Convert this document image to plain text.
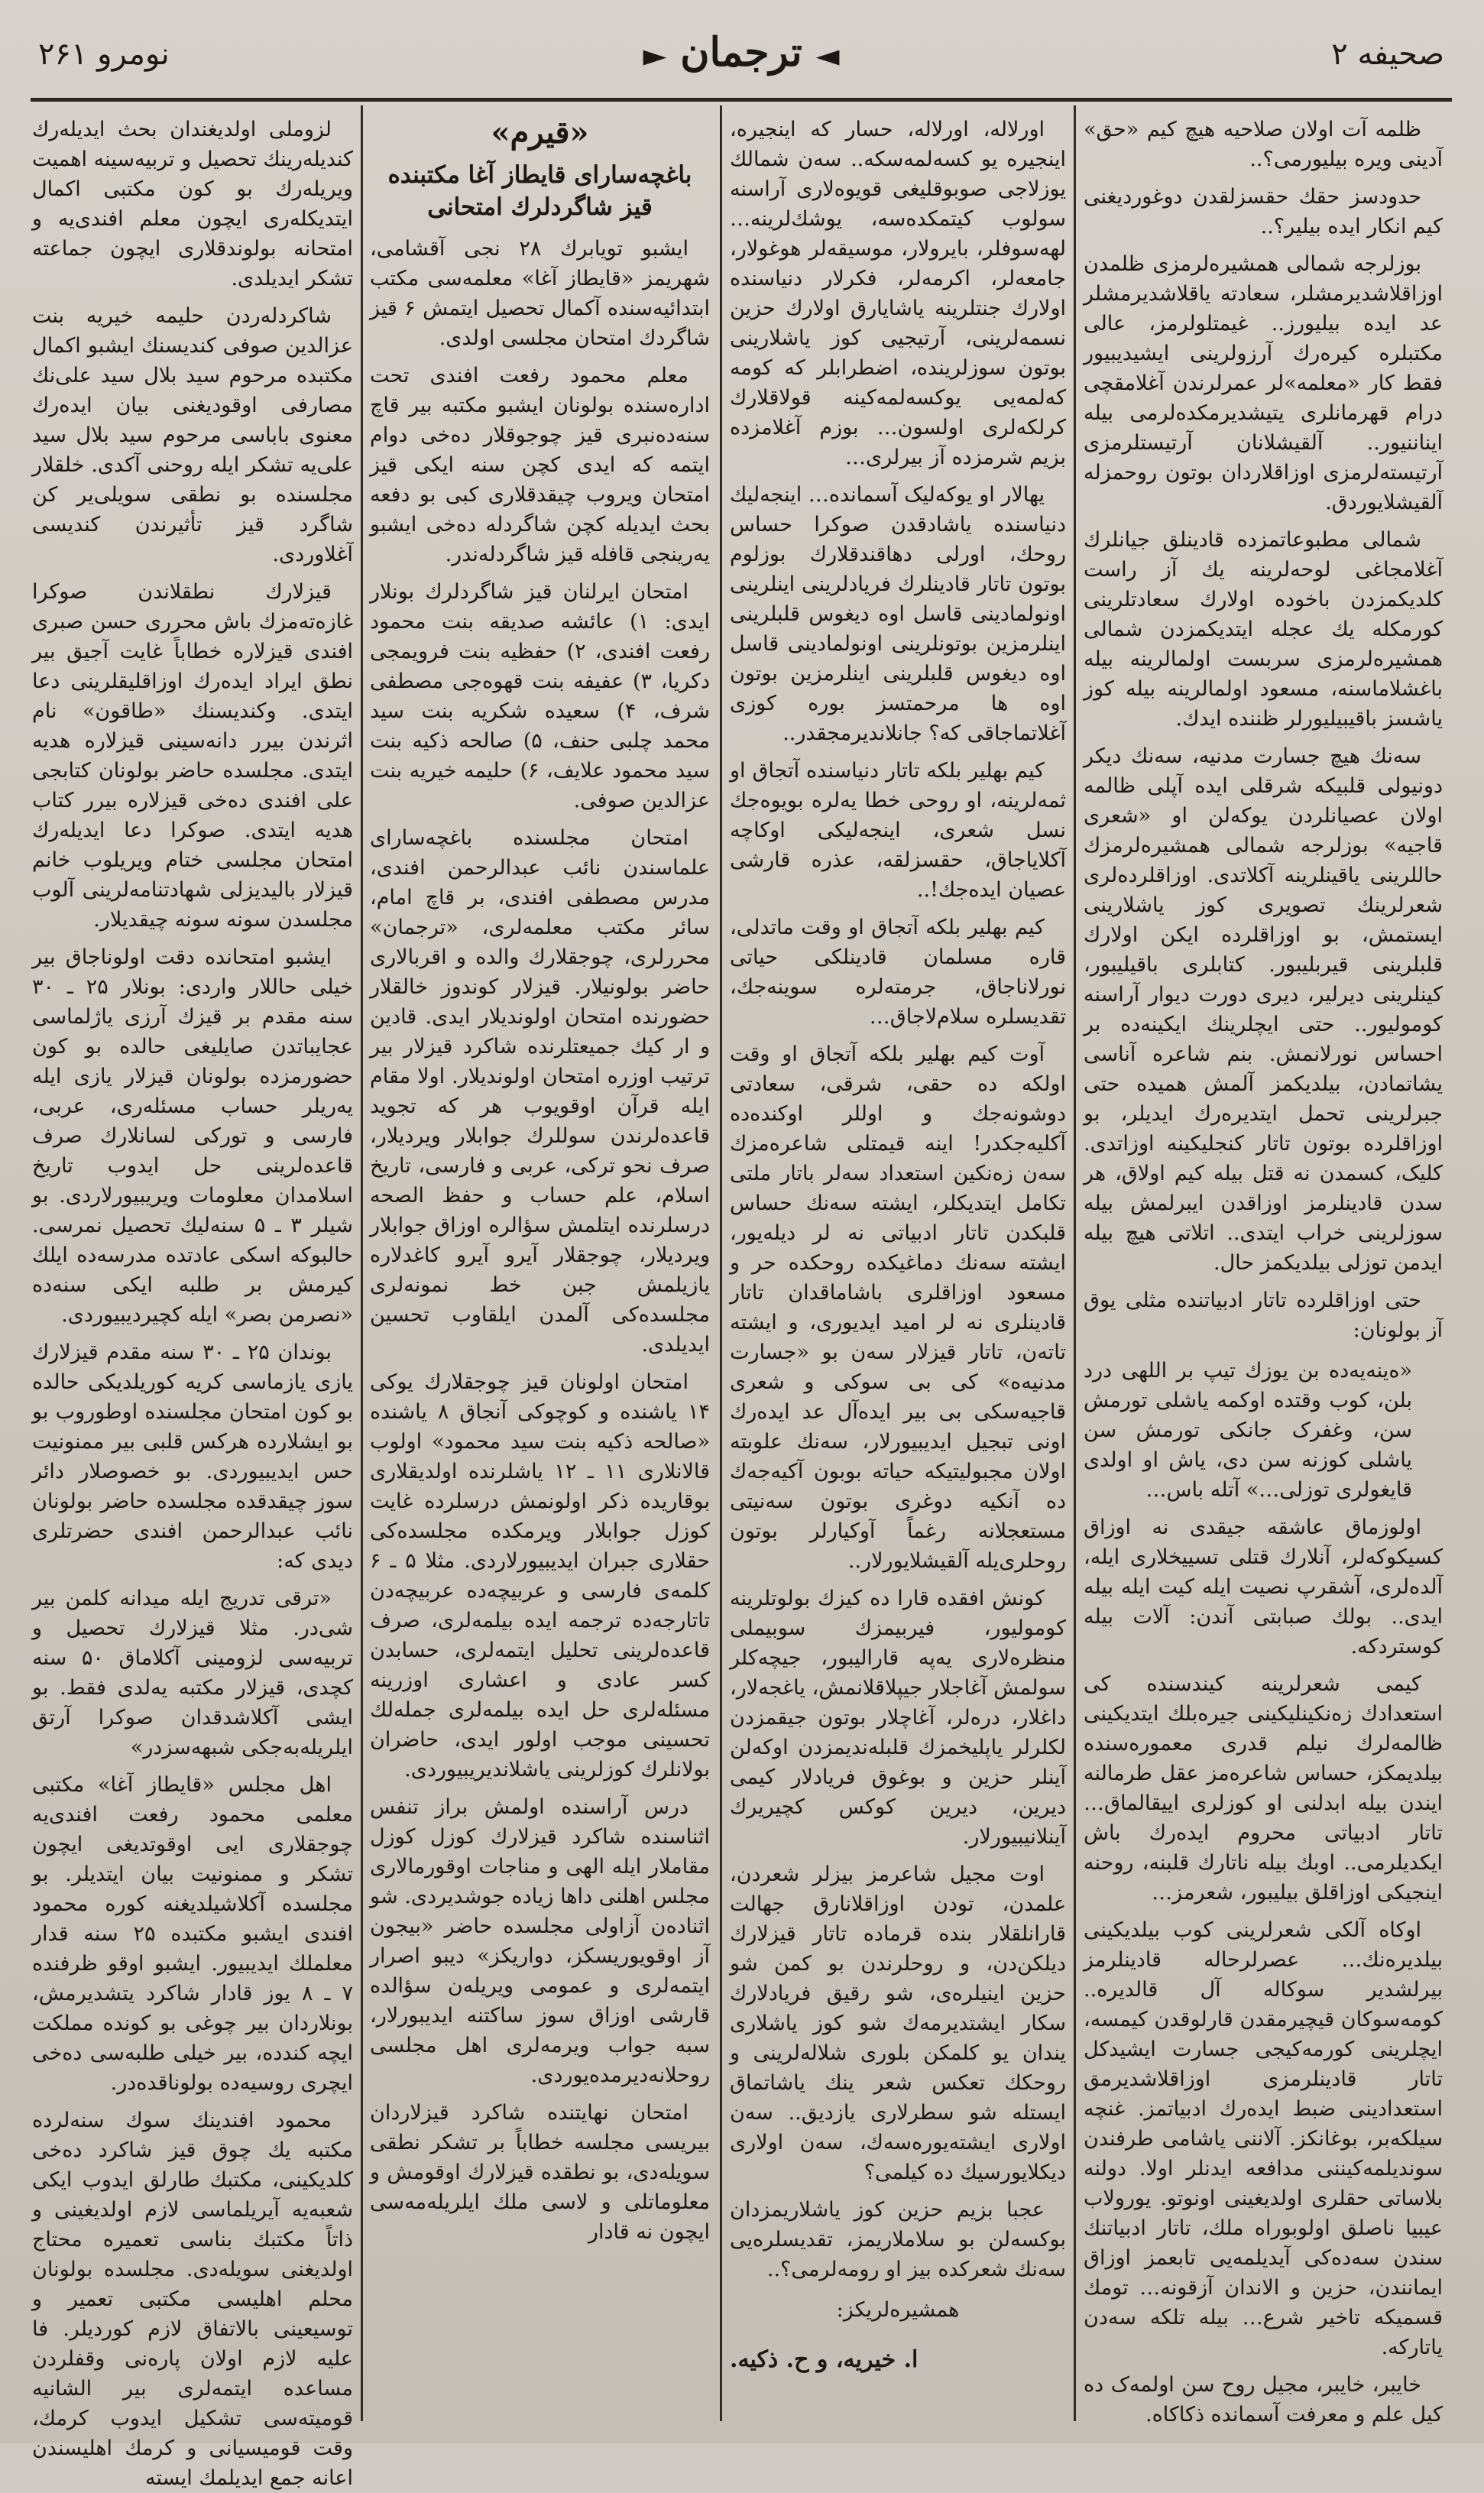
صحیفه ۲
◄ترجمان►
نومرو ۲۶۱

ظلمه آت اولان صلاحیه هیچ کیم «حق» آدینی ویره بیلیورمی؟..

حدودسز حقك حقسزلقدن دوغوردیغنی کیم انکار ایده بیلیر؟..

بوزلرجه شمالی همشیره‌لرمزی ظلمدن اوزاقلاشدیرمشلر، سعادته یاقلاشدیرمشلر عد ایده بیلیورز.. غیمتلولرمز، عالی مکتبلره کیره‌رك آرزولرینی ایشیدیبیور فقط کار «معلمه»لر عمرلرندن آغلامقچی درام قهرمانلری یتیشدیرمکده‌لرمی بیله ایناننیور.. آلقیشلانان آرتیستلرمزی آرتیسته‌لرمزی اوزاقلاردان بوتون روحمزله آلقیشلایوردق.

شمالی مطبوعاتمزده قادینلق جیانلرك آغلامجاغی لوحه‌لرینه یك آز راست کلدیکمزدن باخوده اولارك سعادتلرینی کورمکله یك عجله ایتدیکمزدن شمالی همشیره‌لرمزی سربست اولمالرینه بیله باغشلاماسنه، مسعود اولمالرینه بیله کوز یاشسز باقیبیلیورلر ظننده ایدك.

سه‌نك هیچ جسارت مدنیه، سه‌نك دیکر دونیولی قلبیکه شرقلی ایده آپلی ظالمه اولان عصیانلردن یوکه‌لن او «شعری قاجیه» بوزلرجه شمالی همشیره‌لرمزك حاللرینی یاقینلرینه آکلاتدی. اوزاقلرده‌لری شعرلرینك تصویری کوز یاشلارینی ایستمش، بو اوزاقلرده ایکن اولارك قلبلرینی قیربلیبور. کتابلری باقیلیبور، کینلرینی دیرلیر، دیری دورت دیوار آراسنه کومولیور.. حتی ایچلرینك ایکینه‌ده بر احساس نورلانمش. بنم شاعره آناسی یشاتمادن، بیلدیکمز آلمش همیده حتی جبرلرینی تحمل ایتدیره‌رك ایدیلر، بو اوزاقلرده بوتون تاتار کنجلیکینه اوزاتدی. کلیک، کسمدن نه قتل بیله کیم اولاق، هر سدن قادینلرمز اوزاقدن ایبرلمش بیله سوزلرینی خراب ایتدی.. اتلاتی هیچ بیله ایدمن توزلی بیلدیکمز حال.

حتی اوزاقلرده تاتار ادبیاتنده مثلی یوق آز بولونان:

«ه‌ینه‌یه‌ده بن یوزك تیپ بر اللهی درد بلن، کوب وقتده اوکمه یاشلی تورمش سن، وغفرک جانکی تورمش سن یاشلی کوزنه سن دی، یاش او اولدی قایغولری توزلی…» آتله باس…

اولوزماق عاشقه جیقدی نه اوزاق کسیکوکه‌لر، آنلارك قتلی تسییخلاری ایله، آلده‌لری، آشقرپ نصیت ایله کیت ایله بیله ایدی.. بولك صبابتی آندن: آلات بیله کوستردکه.

کیمی شعرلرینه کیندسنده کی استعدادك زه‌نکینلیکینی جیره‌بلك ایتدیکینی ظالمه‌لرك نیلم قدری معموره‌سنده بیلدیمکز، حساس شاعره‌مز عقل طرمالنه ایندن بیله ابدلنی او کوزلری اییقالماق… تاتار ادبیاتی محروم ایده‌رك باش ایکدیلرمی.. اوبك بیله ناتارك قلبنه، روحنه اینجیکی اوزاقلق بیلیبور، شعرمز…

اوكاه آلکی شعرلرینی کوب بیلدیکینی بیلدیره‌نك… عصرلرحاله قادینلرمز بیرلشدیر سوکاله آل قالدیره.. کومه‌سوکان قیچیرمقدن قارلوقدن کیمسه، ایچلرینی کورمه‌کیجی جسارت ایشیدکل تاتار قادینلرمزی اوزاقلاشدیرمق استعدادینی ضبط ایده‌رك ادبیاتمز. غنچه سیلکه‌بر، بوغانکز. آلاننی یاشامی طرفندن سوندیلمه‌کیننی مدافعه ایدنلر اولا. دولنه بلاساتی حقلری اولدیغینی اونوتو. یورولاب عیبیا ناصلق اولوبوراه ملك، تاتار ادبیاتنك سندن سه‌ده‌کی آیدیلمه‌یی تابعمز اوزاق ایمانندن، حزین و الاندان آزقونه… تومك قسمیکه تاخیر شرع… بیله تلکه سه‌دن یاتارکه.

خایبر، خایبر، مجیل روح سن اولمه‌ک ده کیل علم و معرفت آسمانده ذکاکاه.

اورلاله، اورلاله، حسار که اینجیره، اینجیره یو کسه‌لمه‌سکه.. سه‌ن شمالك یوزلاجی صوبوقلیغی قویو‌ه‌لاری آراسنه سولوب کیتمکده‌سه، یوشك‌لرینه… لهه‌سوفلر، بایرولار، موسیقه‌لر هوغولار، جامعه‌لر، اکرمه‌لر، فکرلار دنیاسنده اولارك جنتلرینه یاشایارق اولارك حزین نسمه‌لرینی، آرتیجیی کوز یاشلارینی بوتون سوزلرینده، اضطرابلر که کومه که‌لمه‌یی یوکسه‌لمه‌کینه قولاقلارك کرلکه‌لری اولسون… بوزم آغلامزده بزیم شرمزده آز بیرلری…

یهالار او یوکه‌لیک آسمانده… اینجه‌لیك دنیاسنده یاشادقدن صوکرا حساس روحك، اورلی دهاقندقلارك بوزلوم بوتون تاتار قادینلرك فریادلرینی اینلرینی اونولمادینی قاسل اوه دیغوس قلبلرینی اینلرمزین بوتونلرینی اونولمادینی قاسل اوه دیغوس قلبلرینی اینلرمزین بوتون اوه ها مرحمتسز بوره کوزی آغلاتماجاقی که؟ جانلاندیرمجقدر..

کیم بهلیر بلکه تاتار دنیاسنده آتجاق او ثمه‌لرینه، او روحی خطا یه‌لره بویوه‌جك نسل شعری، اینجه‌لیکی اوکاچه آکلایاجاق، حقسزلقه، عذره قارشی عصیان ایده‌جك!..

کیم بهلیر بلکه آتجاق او وقت ماتدلی، قاره مسلمان قادینلکی حیاتی نورلاناجاق، جرمته‌لره سوینه‌جك، تقدیسلره سلام‌لاجاق…

آوت کیم بهلیر بلکه آتجاق او وقت اولکه ده حقی، شرقی، سعادتی دوشونه‌جك و اوللر اوکنده‌ده آکلیه‌جکدر! اینه قیمتلی شاعره‌مزك سه‌ن زه‌نکین استعداد سه‌لر باتار ملتی تکامل ایتدیکلر، ایشته سه‌نك حساس قلبکدن تاتار ادبیاتی نه لر دیله‌یور، ایشته سه‌نك دماغیکده روحکده حر و مسعود اوزاقلری باشاماقدان تاتار قادینلری نه لر امید ایدیوری، و ایشته تاته‌ن، تاتار قیزلار سه‌ن بو «جسارت مدنیه‌ه» کی بی سوکی و شعری قاجیه‌سکی بی بیر ایده‌آل عد ایده‌رك اونی تبجیل ایدیبیورلار، سه‌نك علوبته اولان مجبولیتیکه حیاته بوبون آکیه‌جه‌ك ده آنکیه دوغری بوتون سه‌نیتی مستعجلانه رغماً آوکیارلر بوتون روحلری‌یله آلقیشلایورلار..

کونش افقده قارا ده کیزك بولوتلرینه کومولیور، فیربیمزك سوبیملی منظره‌لاری یه‌په قارالیبور، جیچه‌کلر سولمش آغاجلار جیپلاقلانمش، یاغجه‌لار، داغلار، دره‌لر، آغاچلار بوتون جیقمزدن لکلرلر یاپلیخمزك قلبله‌ندیمزدن اوکه‌لن آینلر حزین و بوغوق فریادلار کیمی دیرین، دیرین کوکس کچیریرك آینلانیبیورلار.

اوت مجیل شاعرمز بیزلر شعردن، علمدن، تودن اوزاقلانارق جهالت قارانلقلار بنده قرماده تاتار قیزلارك دیلکن‌دن، و روحلرندن بو کمن شو حزین اینیلره‌ی، شو رقیق فریادلارك سکار ایشتدیرمه‌ك شو کوز یاشلاری یندان یو کلمکن بلوری شلاله‌لرینی و روحكك تعکس شعر ینك یاشاتماق ایستله شو سطرلاری یازدیق.. سه‌ن اولاری ایشته‌یوره‌سه‌ك، سه‌ن اولاری دیکلایورسیك ده کیلمی؟

عجبا بزیم حزین کوز یاشلاریمزدان بوکسه‌لن بو سلاملاریمز، تقدیسلره‌یی سه‌نك شعرکده بیز او رومه‌لرمی؟..

همشیره‌لریکز:
ا. خیریه، و ح. ذکیه.
«قیرم»
باغچه‌سارای قایطاز آغا مکتبنده قیز شاگردلرك امتحانی

ایشبو تویابرك ۲۸ نجی آقشامی، شهریمز «قایطاز آغا» معلمه‌سی مکتب ابتدائیه‌سنده آکمال تحصیل ایتمش ۶ قیز شاگردك امتحان مجلسی اولدی.

معلم محمود رفعت افندی تحت اداره‌سنده بولونان ایشبو مکتبه بیر قاچ سنه‌ده‌نبری قیز چوجوقلار ده‌خی دوام ایتمه که ایدی کچن سنه ایکی قیز امتحان ویروب چیقدقلاری کبی بو دفعه بحث ایدیله کچن شاگردله ده‌خی ایشبو یه‌رینجی قافله قیز شاگردله‌ندر.

امتحان ایرلنان قیز شاگردلرك بونلار ایدی: ۱) عائشه صدیقه بنت محمود رفعت افندی، ۲) حفظیه بنت فرویمجی دکریا، ۳) عفیفه بنت قهوه‌جی مصطفی شرف، ۴) سعیده شکریه بنت سید محمد چلبی حنف، ۵) صالحه ذکیه بنت سید محمود علایف، ۶) حلیمه خیریه بنت عزالدین صوفی.

امتحان مجلسنده باغچه‌سارای علماسندن نائب عبدالرحمن افندی، مدرس مصطفی افندی، بر قاچ امام، سائر مکتب معلمه‌لری، «ترجمان» محررلری، چوجقلارك والده و اقربالاری حاضر بولونیلار. قیزلار کوندوز خالقلار حضورنده امتحان اولوندیلار ایدی. قادین و ار کیك جمیعتلرنده شاکرد قیزلار بیر ترتیب اوزره امتحان اولوندیلار. اولا مقام ایله قرآن اوقویوب هر که تجوید قاعده‌لرندن سوللرك جوابلار ویردیلار، صرف نحو ترکی، عربی و فارسی، تاریخ اسلام، علم حساب و حفظ الصحه درسلرنده ایتلمش سؤالره اوزاق جوابلار ویردیلار، چوجقلار آیرو آیرو کاغدلاره یازیلمش جبن خط نمونه‌لری مجلسده‌کی آلمدن ایلقاوب تحسین ایدیلدی.

امتحان اولونان قیز چوجقلارك یوکی ۱۴ یاشنده و کوچوکی آنجاق ۸ یاشنده «صالحه ذکیه بنت سید محمود» اولوب قالانلاری ۱۱ ـ ۱۲ یاشلرنده اولدیقلاری بوقاریده ذکر اولونمش درسلرده غایت کوزل جوابلار ویرمکده مجلسده‌کی حقلاری جبران ایدیبیورلاردی. مثلا ۵ ـ ۶ کلمه‌ی فارسی و عربیچه‌ده عربیچه‌دن تاتارجه‌ده ترجمه ایده بیلمه‌لری، صرف قاعده‌لرینی تحلیل ایتمه‌لری، حسابدن کسر عادی و اعشاری اوزرینه مسئله‌لری حل ایده بیلمه‌لری جمله‌لك تحسینی موجب اولور ایدی، حاضران بولانلرك کوزلرینی یاشلاندیریبیوردی.

درس آراسنده اولمش براز تنفس اثناسنده شاکرد قیزلارك کوزل کوزل مقاملار ایله الهی و مناجات اوقورمالاری مجلس اهلنی داها زیاده جوشدیردی. شو اثناده‌ن آزاولی مجلسده حاضر «بیجون آز اوقویوریسکز، دواریکز» دیبو اصرار ایتمه‌لری و عمومی ویریله‌ن سؤالده قارشی اوزاق سوز ساکتنه ایدیبورلار، سبه جواب ویرمه‌لری اهل مجلسی روحلانه‌دیرمده‌یوردی.

امتحان نهایتنده شاکرد قیزلاردان بیریسی مجلسه خطاباً بر تشکر نطقی سویله‌دی، بو نطقده قیزلارك اوقومش و معلوماتلی و لاسی ملك ایلریله‌مه‌سی ایچون نه قادار

لزوملی اولدیغندان بحث ایدیله‌رك کندیله‌رینك تحصیل و تربیه‌سینه اهمیت ویریله‌رك بو کون مکتبی اکمال ایتدیکله‌ری ایچون معلم افندی‌یه و امتحانه بولوندقلاری ایچون جماعته تشکر ایدیلدی.

شاکردله‌ردن حلیمه خیریه بنت عزالدین صوفی کندیسنك ایشبو اکمال مکتبده مرحوم سید بلال سید علی‌نك مصارفی اوقودیغنی بیان ایده‌رك معنوی باباسی مرحوم سید بلال سید علی‌یه تشکر ایله روحنی آکدی. خلقلار مجلسنده بو نطقی سویلی‌یر کن شاگرد قیز تأثیرندن کندیسی آغلاوردی.

قیزلارك نطقلاندن صوکرا غازه‌ته‌مزك باش محرری حسن صبری افندی قیزلاره خطاباً غایت آجیق بیر نطق ایراد ایده‌رك اوزاقلیقلرینی دعا ایتدی. وکندیسنك «طاقون» نام اثرندن بیرر دانه‌سینی قیزلاره هدیه ایتدی. مجلسده حاضر بولونان کتابجی علی افندی ده‌خی قیزلاره بیرر کتاب هدیه ایتدی. صوکرا دعا ایدیله‌رك امتحان مجلسی ختام ویریلوب خانم قیزلار بالیدیزلی شهادتنامه‌لرینی آلوب مجلسدن سونه سونه چیقدیلار.

ایشبو امتحانده دقت اولوناجاق بیر خیلی حاللار واردی: بونلار ۲۵ ـ ۳۰ سنه مقدم بر قیزك آرزی یاژلماسی عجایباتدن صایلیغی حالده بو کون حضورمزده بولونان قیزلار یازی ایله یه‌ریلر حساب مسئله‌ری، عربی، فارسی و تورکی لسانلارك صرف قاعده‌لرینی حل ایدوب تاریخ اسلامدان معلومات ویریبیورلاردی. بو شیلر ۳ ـ ۵ سنه‌لیك تحصیل نمرسی. حالبوکه اسکی عادتده مدرسه‌ده ایلك کیرمش بر طلبه ایکی سنه‌ده «نصرمن بصر» ایله کچیردیبیوردی.

بوندان ۲۵ ـ ۳۰ سنه مقدم قیزلارك یازی یازماسی کریه کوریلدیکی حالده بو کون امتحان مجلسنده اوطوروب بو بو ایشلارده هرکس قلبی بیر ممنونیت حس ایدیبیوردی. بو خصوصلار دائر سوز چیقدقده مجلسده حاضر بولونان نائب عبدالرحمن افندی حضرتلری دیدی که:

«ترقی تدریج ایله میدانه کلمن بیر شی‌در. مثلا قیزلارك تحصیل و تربیه‌سی لزومینی آکلاماق ۵۰ سنه کچدی، قیزلار مکتبه یه‌لدی فقط. بو ایشی آکلاشدقدان صوکرا آرتق ایلریله‌به‌جکی شبهه‌سزدر»

اهل مجلس «قایطاز آغا» مکتبی معلمی محمود رفعت افندی‌یه چوجقلاری ایی اوقوتدیغی ایچون تشکر و ممنونیت بیان ایتدیلر. بو مجلسده آکلاشیلدیغنه کوره محمود افندی ایشبو مکتبده ۲۵ سنه قدار معلملك ایدیبیور. ایشبو اوقو ظرفنده ۷ ـ ۸ یوز قادار شاکرد یتشدیرمش، بونلاردان بیر چوغی بو کونده مملکت ایچه کندده، بیر خیلی طلبه‌سی ده‌خی ایچری روسیه‌ده بولوناقده‌در.

محمود افندینك سوك سنه‌لرده مکتبه یك چوق قیز شاکرد ده‌خی کلدیکینی، مکتبك طارلق ایدوب ایکی شعبه‌یه آیریلماسی لازم اولدیغینی و ذاتاً مکتبك بناسی تعمیره محتاج اولدیغنی سویله‌دی. مجلسده بولونان محلم اهلیسی مکتبی تعمیر و توسیعینی بالاتفاق لازم کوردیلر. فا علیه لازم اولان پاره‌نی وقفلردن مساعده ایتمه‌لری بیر الشانیه قومیته‌سی تشکیل ایدوب کرمك، وقت قومیسیانی و کرمك اهلیسندن اعانه جمع ایدیلمك ایسته
